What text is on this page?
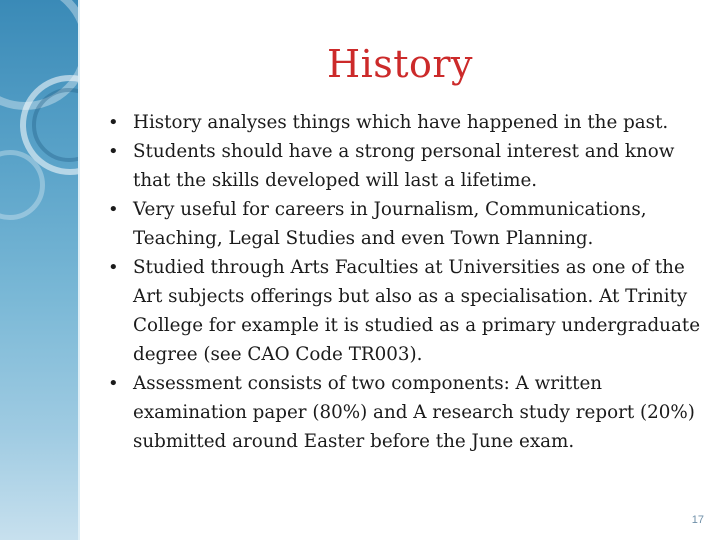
History
• History analyses things which have happened in the past.
• Students should have a strong personal interest and know that the skills developed will last a lifetime.
• Very useful for careers in Journalism, Communications, Teaching, Legal Studies and even Town Planning.
• Studied through Arts Faculties at Universities as one of the Art subjects offerings but also as a specialisation. At Trinity College for example it is studied as a primary undergraduate degree (see CAO Code TR003).
• Assessment consists of two components: A written examination paper (80%) and A research study report (20%) submitted around Easter before the June exam.
17
